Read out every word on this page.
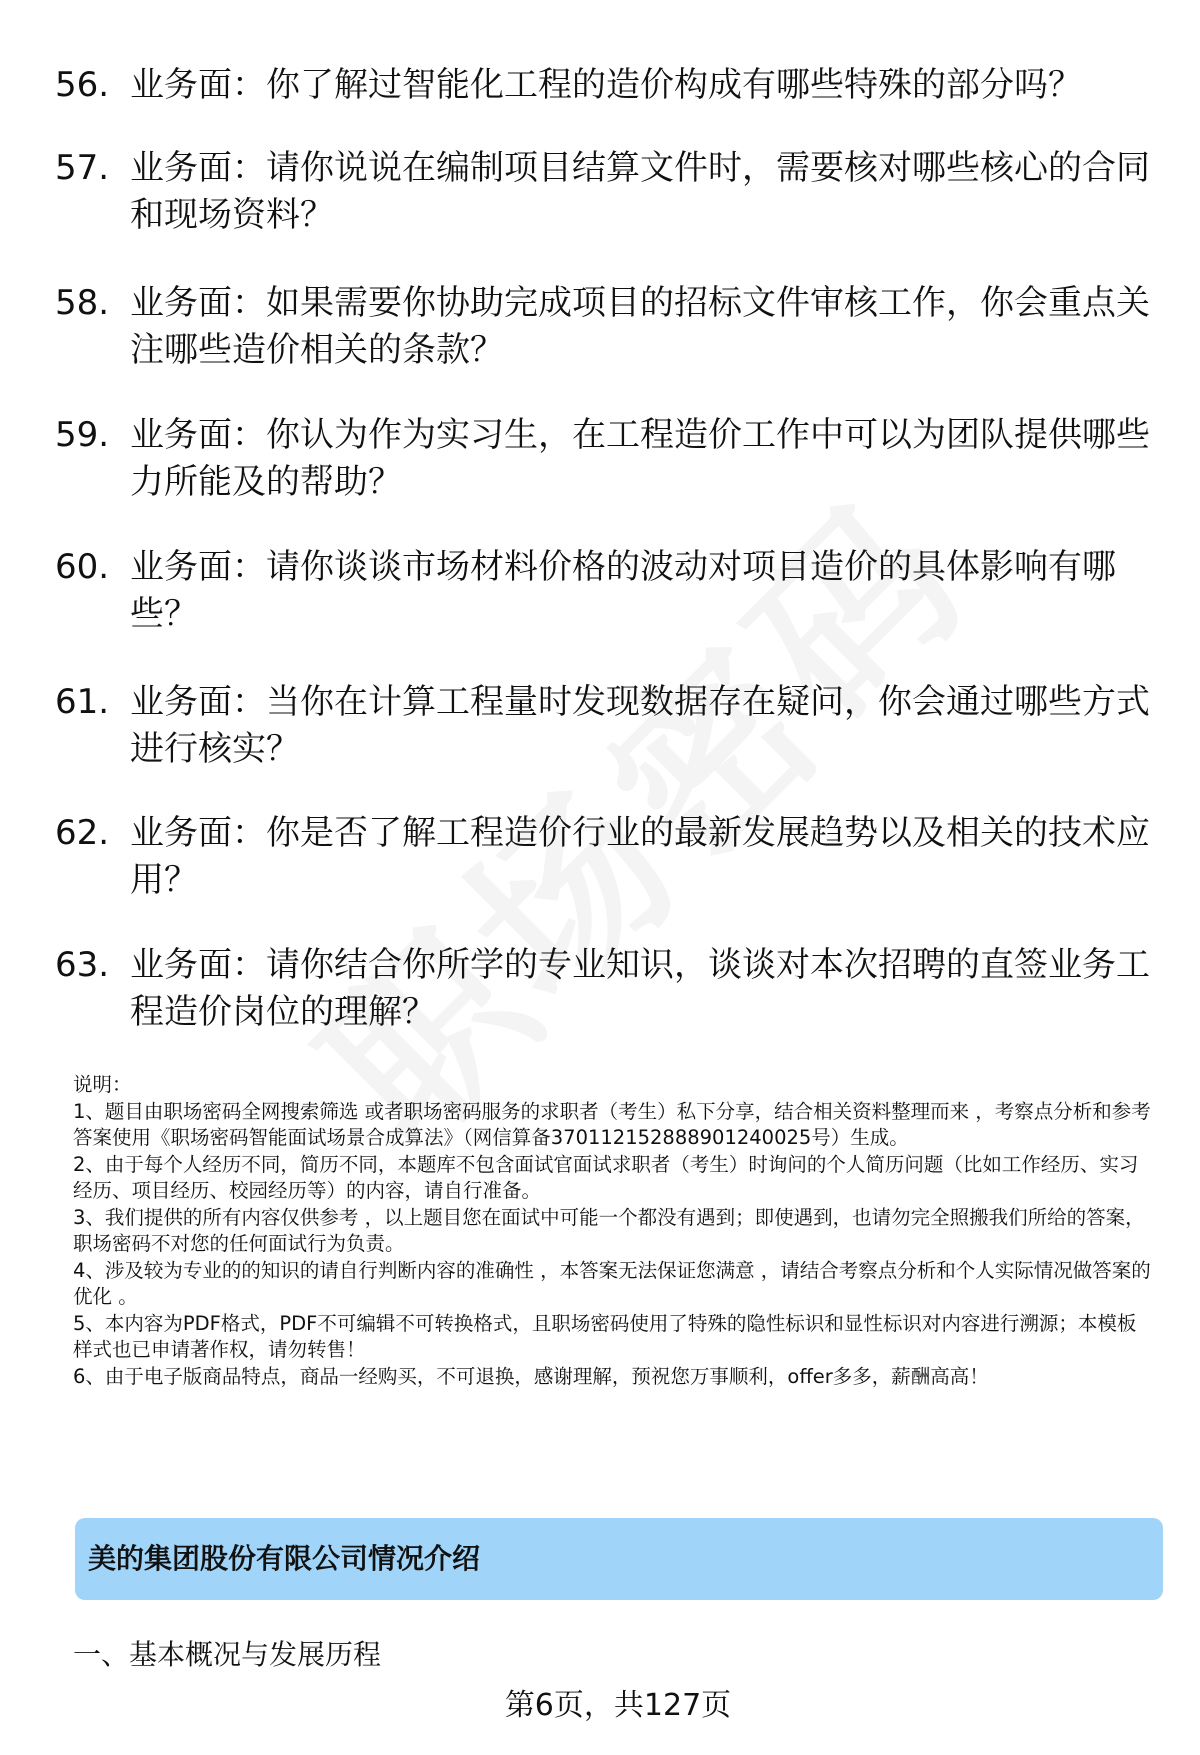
56. 业务面：你了解过智能化工程的造价构成有哪些特殊的部分吗？
57. 业务面：请你说说在编制项目结算文件时，需要核对哪些核心的合同和现场资料？
58. 业务面：如果需要你协助完成项目的招标文件审核工作，你会重点关注哪些造价相关的条款？
59. 业务面：你认为作为实习生，在工程造价工作中可以为团队提供哪些力所能及的帮助？
60. 业务面：请你谈谈市场材料价格的波动对项目造价的具体影响有哪些？
61. 业务面：当你在计算工程量时发现数据存在疑问，你会通过哪些方式进行核实？
62. 业务面：你是否了解工程造价行业的最新发展趋势以及相关的技术应用？
63. 业务面：请你结合你所学的专业知识，谈谈对本次招聘的直签业务工程造价岗位的理解？

说明：

1、题目由职场密码全网搜索筛选 或者职场密码服务的求职者（考生）私下分享，结合相关资料整理而来 ，考察点分析和参考答案使用《职场密码智能面试场景合成算法》（网信算备370112152888901240025号）生成。

2、由于每个人经历不同，简历不同，本题库不包含面试官面试求职者（考生）时询问的个人简历问题（比如工作经历、实习经历、项目经历、校园经历等）的内容，请自行准备。

3、我们提供的所有内容仅供参考 ，以上题目您在面试中可能一个都没有遇到；即使遇到，也请勿完全照搬我们所给的答案，职场密码不对您的任何面试行为负责。

4、涉及较为专业的的知识的请自行判断内容的准确性 ，本答案无法保证您满意 ，请结合考察点分析和个人实际情况做答案的优化 。

5、本内容为PDF格式，PDF不可编辑不可转换格式，且职场密码使用了特殊的隐性标识和显性标识对内容进行溯源；本模板样式也已申请著作权，请勿转售！

6、由于电子版商品特点，商品一经购买，不可退换，感谢理解，预祝您万事顺利，offer多多，薪酬高高！

美的集团股份有限公司情况介绍
一、基本概况与发展历程
第6页，共127页
